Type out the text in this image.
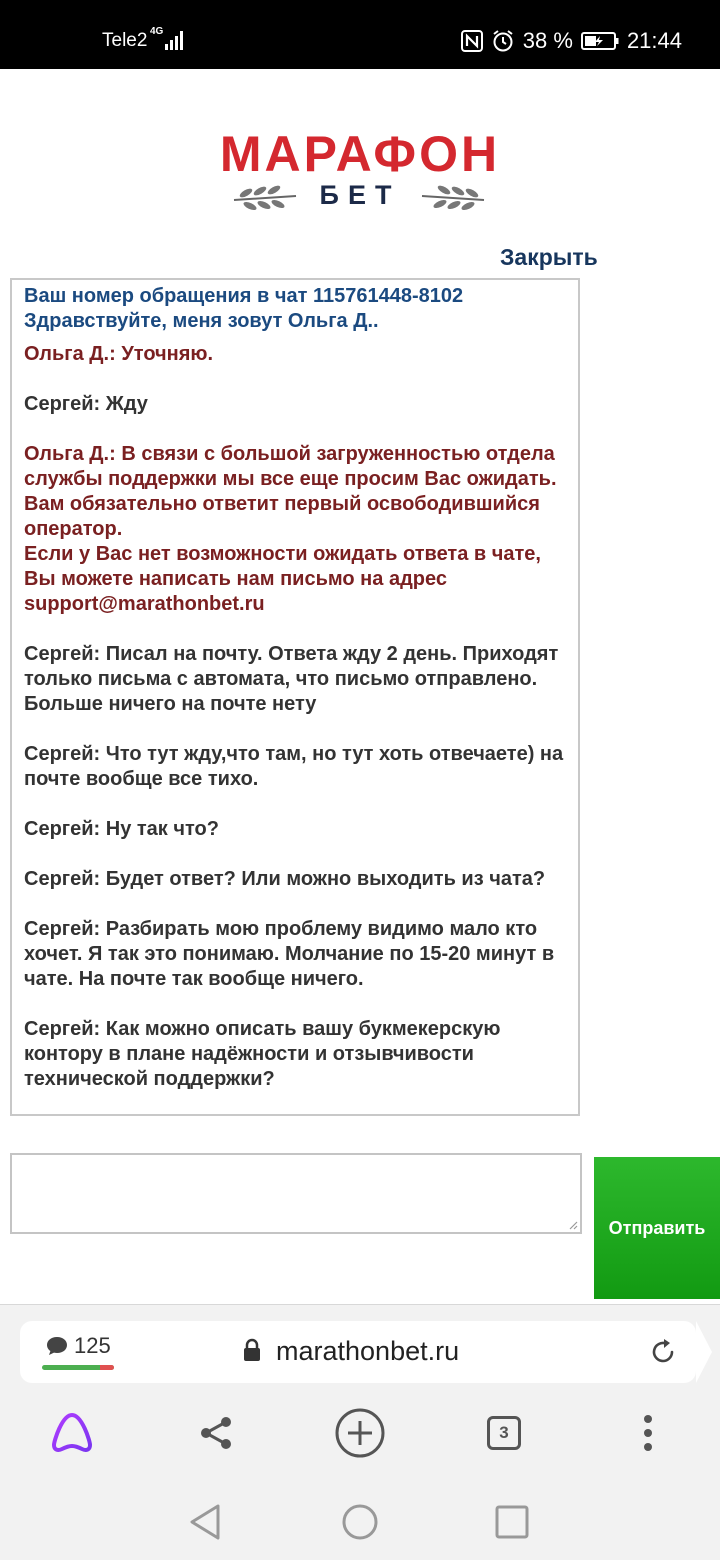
Tele2 4G	38 % 21:44
МАРАФОН
БЕТ
Закрыть

Ваш номер обращения в чат 115761448-8102

Здравствуйте, меня зовут Ольга Д..

Ольга Д.: Уточняю.

Сергей: Жду

Ольга Д.: В связи с большой загруженностью отдела службы поддержки мы все еще просим Вас ожидать. Вам обязательно ответит первый освободившийся оператор.
Если у Вас нет возможности ожидать ответа в чате, Вы можете написать нам письмо на адрес support@marathonbet.ru

Сергей: Писал на почту. Ответа жду 2 день. Приходят только письма с автомата, что письмо отправлено. Больше ничего на почте нету

Сергей: Что тут жду,что там, но тут хоть отвечаете) на почте вообще все тихо.

Сергей: Ну так что?

Сергей: Будет ответ? Или можно выходить из чата?

Сергей: Разбирать мою проблему видимо мало кто хочет. Я так это понимаю. Молчание по 15-20 минут в чате. На почте так вообще ничего.

Сергей: Как можно описать вашу букмекерскую контору в плане надёжности и отзывчивости технической поддержки?

Отправить
125	marathonbet.ru
3
